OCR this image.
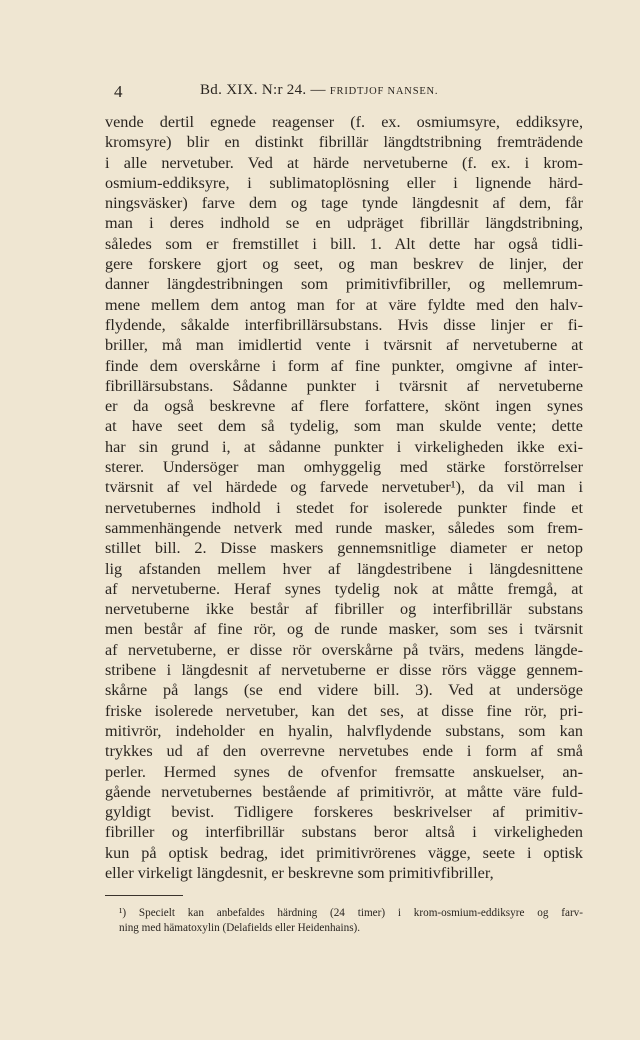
4	Bd. XIX. N:r 24. — FRIDTJOF NANSEN.
vende dertil egnede reagenser (f. ex. osmiumsyre, eddiksyre,
kromsyre) blir en distinkt fibrillär längdtstribning fremträdende
i alle nervetuber. Ved at härde nervetuberne (f. ex. i krom-
osmium-eddiksyre, i sublimatoplösning eller i lignende härd-
ningsväsker) farve dem og tage tynde längdesnit af dem, får
man i deres indhold se en udpräget fibrillär längdstribning,
således som er fremstillet i bill. 1. Alt dette har også tidli-
gere forskere gjort og seet, og man beskrev de linjer, der
danner längdestribningen som primitivfibriller, og mellemrum-
mene mellem dem antog man for at väre fyldte med den halv-
flydende, såkalde interfibrillärsubstans. Hvis disse linjer er fi-
briller, må man imidlertid vente i tvärsnit af nervetuberne at
finde dem overskårne i form af fine punkter, omgivne af inter-
fibrillärsubstans. Sådanne punkter i tvärsnit af nervetuberne
er da også beskrevne af flere forfattere, skönt ingen synes
at have seet dem så tydelig, som man skulde vente; dette
har sin grund i, at sådanne punkter i virkeligheden ikke exi-
sterer. Undersöger man omhyggelig med stärke forstörrelser
tvärsnit af vel härdede og farvede nervetuber¹), da vil man i
nervetubernes indhold i stedet for isolerede punkter finde et
sammenhängende netverk med runde masker, således som frem-
stillet bill. 2. Disse maskers gennemsnitlige diameter er netop
lig afstanden mellem hver af längdestribene i längdesnittene
af nervetuberne. Heraf synes tydelig nok at måtte fremgå, at
nervetuberne ikke består af fibriller og interfibrillär substans
men består af fine rör, og de runde masker, som ses i tvärsnit
af nervetuberne, er disse rör overskårne på tvärs, medens längde-
stribene i längdesnit af nervetuberne er disse rörs vägge gennem-
skårne på langs (se end videre bill. 3). Ved at undersöge
friske isolerede nervetuber, kan det ses, at disse fine rör, pri-
mitivrör, indeholder en hyalin, halvflydende substans, som kan
trykkes ud af den overrevne nervetubes ende i form af små
perler. Hermed synes de ofvenfor fremsatte anskuelser, an-
gående nervetubernes bestående af primitivrör, at måtte väre fuld-
gyldigt bevist. Tidligere forskeres beskrivelser af primitiv-
fibriller og interfibrillär substans beror altså i virkeligheden
kun på optisk bedrag, idet primitivrörenes vägge, seete i optisk
eller virkeligt längdesnit, er beskrevne som primitivfibriller,
¹) Specielt kan anbefaldes härdning (24 timer) i krom-osmium-eddiksyre og farv-
ning med hämatoxylin (Delafields eller Heidenhains).
